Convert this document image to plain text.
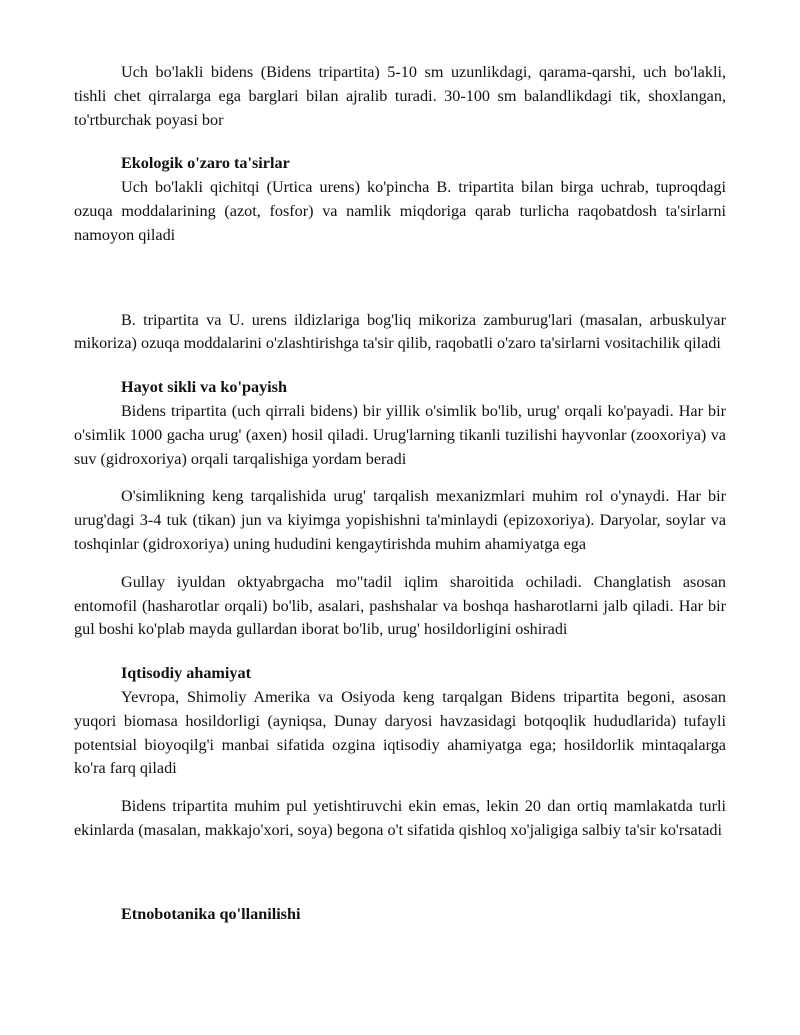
Uch bo'lakli bidens (Bidens tripartita) 5-10 sm uzunlikdagi, qarama-qarshi, uch bo'lakli, tishli chet qirralarga ega barglari bilan ajralib turadi. 30-100 sm balandlikdagi tik, shoxlangan, to'rtburchak poyasi bor

Ekologik o'zaro ta'sirlar

Uch bo'lakli qichitqi (Urtica urens) ko'pincha B. tripartita bilan birga uchrab, tuproqdagi ozuqa moddalarining (azot, fosfor) va namlik miqdoriga qarab turlicha raqobatdosh ta'sirlarni namoyon qiladi

B. tripartita va U. urens ildizlariga bog'liq mikoriza zamburug'lari (masalan, arbuskulyar mikoriza) ozuqa moddalarini o'zlashtirishga ta'sir qilib, raqobatli o'zaro ta'sirlarni vositachilik qiladi

Hayot sikli va ko'payish

Bidens tripartita (uch qirrali bidens) bir yillik o'simlik bo'lib, urug' orqali ko'payadi. Har bir o'simlik 1000 gacha urug' (axen) hosil qiladi. Urug'larning tikanli tuzilishi hayvonlar (zooxoriya) va suv (gidroxoriya) orqali tarqalishiga yordam beradi

O'simlikning keng tarqalishida urug' tarqalish mexanizmlari muhim rol o'ynaydi. Har bir urug'dagi 3-4 tuk (tikan) jun va kiyimga yopishishni ta'minlaydi (epizoxoriya). Daryolar, soylar va toshqinlar (gidroxoriya) uning hududini kengaytirishda muhim ahamiyatga ega

Gullay iyuldan oktyabrgacha mo"tadil iqlim sharoitida ochiladi. Changlatish asosan entomofil (hasharotlar orqali) bo'lib, asalari, pashshalar va boshqa hasharotlarni jalb qiladi. Har bir gul boshi ko'plab mayda gullardan iborat bo'lib, urug' hosildorligini oshiradi

Iqtisodiy ahamiyat

Yevropa, Shimoliy Amerika va Osiyoda keng tarqalgan Bidens tripartita begoni, asosan yuqori biomasa hosildorligi (ayniqsa, Dunay daryosi havzasidagi botqoqlik hududlarida) tufayli potentsial bioyoqilg'i manbai sifatida ozgina iqtisodiy ahamiyatga ega; hosildorlik mintaqalarga ko'ra farq qiladi

Bidens tripartita muhim pul yetishtiruvchi ekin emas, lekin 20 dan ortiq mamlakatda turli ekinlarda (masalan, makkajo'xori, soya) begona o't sifatida qishloq xo'jaligiga salbiy ta'sir ko'rsatadi

Etnobotanika qo'llanilishi
